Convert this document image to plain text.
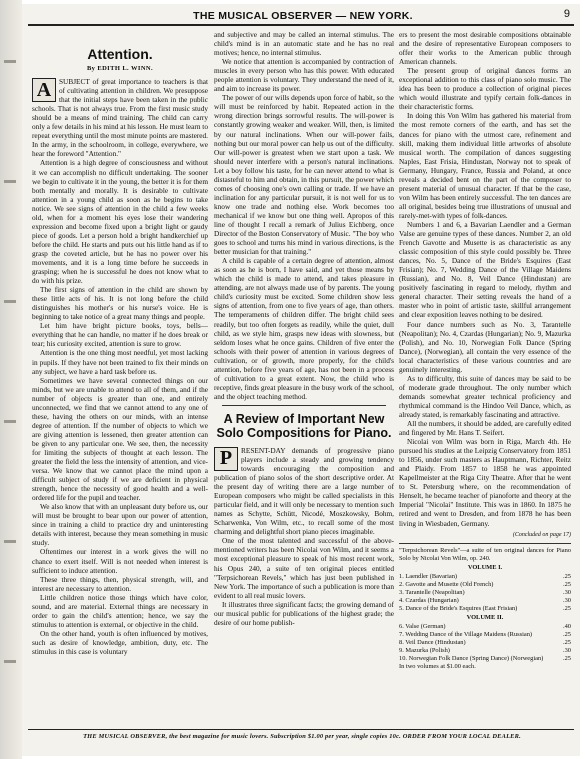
THE MUSICAL OBSERVER — NEW YORK.	9
Attention.
By EDITH L. WINN.
A	SUBJECT of great importance to teachers is that of cultivating attention in children. We presuppose that the initial steps have been taken in the public schools. That is not always true. From the first music study should be a means of mind training. The child can carry only a few details in his mind at his lesson. He must learn to repeat everything until the most minute points are mastered. In the army, in the schoolroom, in college, everywhere, we hear the foreword "Attention."

Attention is a high degree of consciousness and without it we can accomplish no difficult undertaking. The sooner we begin to cultivate it in the young, the better it is for them both mentally and morally. It is desirable to cultivate attention in a young child as soon as he begins to take notice. We see signs of attention in the child a few weeks old, when for a moment his eyes lose their wandering expression and become fixed upon a bright light or gaudy piece of goods. Let a person hold a bright handkerchief up before the child. He starts and puts out his little hand as if to grasp the coveted article, but he has no power over his movements, and it is a long time before he succeeds in grasping; when he is successful he does not know what to do with his prize.

The first signs of attention in the child are shown by these little acts of his. It is not long before the child distinguishes his mother's or his nurse's voice. He is beginning to take notice of a great many things and people.

Let him have bright picture books, toys, bells—everything that he can handle, no matter if he does break or tear; his curiosity excited, attention is sure to grow.

Attention is the one thing most needful, yet most lacking in pupils. If they have not been trained to fix their minds on any subject, we have a hard task before us.

Sometimes we have several connected things on our minds, but we are unable to attend to all of them, and if the number of objects is greater than one, and entirely unconnected, we find that we cannot attend to any one of these, having the others on our minds, with an intense degree of attention. If the number of objects to which we are giving attention is lessened, then greater attention can be given to any particular one. We see, then, the necessity for limiting the subjects of thought at each lesson. The greater the field the less the intensity of attention, and vice-versa. We know that we cannot place the mind upon a difficult subject of study if we are deficient in physical strength, hence the necessity of good health and a well-ordered life for the pupil and teacher.

We also know that with an unpleasant duty before us, our will must be brought to bear upon our power of attention, since in training a child to practice dry and uninteresting details with interest, because they mean something in music study.

Oftentimes our interest in a work gives the will no chance to exert itself. Will is not needed when interest is sufficient to induce attention.

These three things, then, physical strength, will, and interest are necessary to attention.

Little children notice those things which have color, sound, and are material. External things are necessary in order to gain the child's attention; hence, we say the stimulus to attention is external, or objective in the child.

On the other hand, youth is often influenced by motives, such as desire of knowledge, ambition, duty, etc. The stimulus in this case is voluntary

and subjective and may be called an internal stimulus. The child's mind is in an automatic state and he has no real motives; hence, no internal stimulus.

We notice that attention is accompanied by contraction of muscles in every person who has this power. With educated people attention is voluntary. They understand the need of it, and aim to increase its power.

The power of our wills depends upon force of habit, so the will must be reinforced by habit. Repeated action in the wrong direction brings sorrowful results. The will-power is constantly growing weaker and weaker. Will, then, is limited by our natural inclinations. When our will-power fails, nothing but our moral power can help us out of the difficulty. Our will-power is greatest when we start upon a task. We should never interfere with a person's natural inclinations. Let a boy follow his taste, for he can never attend to what is distasteful to him and obtain, in this pursuit, the power which comes of choosing one's own calling or trade. If we have an inclination for any particular pursuit, it is not well for us to know one trade and nothing else. Work becomes too mechanical if we know but one thing well. Apropos of this line of thought I recall a remark of Julius Eichberg, once Director of the Boston Conservatory of Music. "The boy who goes to school and turns his mind in various directions, is the better musician for that training."

A child is capable of a certain degree of attention, almost as soon as he is born, I have said, and yet those means by which the child is made to attend, and takes pleasure in attending, are not always made use of by parents. The young child's curiosity must be excited. Some children show less signs of attention, from one to five years of age, than others. The temperaments of children differ. The bright child sees readily, but too often forgets as readily, while the quiet, dull child, as we style him, grasps new ideas with slowness, but seldom loses what he once gains. Children of five enter the schools with their power of attention in various degrees of cultivation, or of growth, more properly, for the child's attention, before five years of age, has not been in a process of cultivation to a great extent. Now, the child who is receptive, finds great pleasure in the busy work of the school, and the object teaching method.

A Review of Important New Solo Compositions for Piano.
P	RESENT-DAY demands of progressive piano players include a steady and growing tendency towards encouraging the composition and publication of piano solos of the short descriptive order. At the present day of writing there are a large number of European composers who might be called specialists in this particular field, and it will only be necessary to mention such names as Schytte, Schütt, Nicodé, Moszkowsky, Bohm, Scharwenka, Von Wilm, etc., to recall some of the most charming and delightful short piano pieces imaginable.

One of the most talented and successful of the above-mentioned writers has been Nicolai von Wilm, and it seems a most exceptional pleasure to speak of his most recent work, his Opus 240, a suite of ten original pieces entitled "Terpsichorean Revels," which has just been published in New York. The importance of such a publication is more than evident to all real music lovers.

It illustrates three significant facts; the growing demand of our musical public for publications of the highest grade; the desire of our home publish-

ers to present the most desirable compositions obtainable and the desire of representative European composers to offer their works to the American public through American channels.

The present group of original dances forms an exceptional addition to this class of piano solo music. The idea has been to produce a collection of original pieces which would illustrate and typify certain folk-dances in their characteristic forms.

In doing this Von Wilm has gathered his material from the most remote corners of the earth, and has set the dances for piano with the utmost care, refinement and skill, making them individual little artworks of absolute musical worth. The compilation of dances suggesting Naples, East Frisia, Hindustan, Norway not to speak of Germany, Hungary, France, Russia and Poland, at once reveals a decided bent on the part of the composer to present material of unusual character. If that be the case, von Wilm has been entirely successful. The ten dances are all original, besides being true illustrations of unusual and rarely-met-with types of folk-dances.

Numbers 1 and 6, a Bavarian Laendler and a German Valse are genuine types of these dances. Number 2, an old French Gavotte and Musette is as characteristic as any classic composition of this style could possibly be. Three dances, No. 5, Dance of the Bride's Esquires (East Frisian); No. 7, Wedding Dance of the Village Maidens (Russian), and No. 8, Veil Dance (Hindustan) are positively fascinating in regard to melody, rhythm and general character. Their setting reveals the hand of a master who in point of artistic taste, skillful arrangement and clear exposition leaves nothing to be desired.

Four dance numbers such as No. 3, Tarantelle (Neapolitan); No. 4, Czardas (Hungarian); No. 9, Mazurka (Polish), and No. 10, Norwegian Folk Dance (Spring Dance), (Norwegian), all contain the very essence of the local characteristics of these various countries and are genuinely interesting.

As to difficulty, this suite of dances may be said to be of moderate grade throughout. The only number which demands somewhat greater technical proficiency and rhythmical command is the Hindoo Veil Dance, which, as already stated, is remarkably fascinating and attractive.

All the numbers, it should be added, are carefully edited and fingered by Mr. Hans T. Seifert.

Nicolai von Wilm was born in Riga, March 4th. He pursued his studies at the Leipzig Conservatory from 1851 to 1856, under such masters as Hauptmann, Richter, Reitz and Plaidy. From 1857 to 1858 he was appointed Kapellmeister at the Riga City Theatre. After that he went to St. Petersburg where, on the recommendation of Henselt, he became teacher of pianoforte and theory at the Imperial "Nicolai" Institute. This was in 1860. In 1875 he retired and went to Dresden, and from 1878 he has been living in Wiesbaden, Germany.

(Concluded on page 17)
"Terpsichorean Revels"—a suite of ten original dances for Piano Solo by Nicolai Von Wilm, op. 240.
VOLUME I.
1. Laendler (Bavarian)	.25
2. Gavotte and Musette (Old French)	.25
3. Tarantelle (Neapolitan)	.30
4. Czardas (Hungarian)	.30
5. Dance of the Bride's Esquires (East Frisian)	.25
VOLUME II.
6. Valse (German)	.40
7. Wedding Dance of the Village Maidens (Russian)	.25
8. Veil Dance (Hindustan)	.25
9. Mazurka (Polish)	.30
10. Norwegian Folk Dance (Spring Dance) (Norwegian)	.25
In two volumes at $1.00 each.
THE MUSICAL OBSERVER, the best magazine for music lovers. Subscription $1.00 per year, single copies 10c. ORDER FROM YOUR LOCAL DEALER.
